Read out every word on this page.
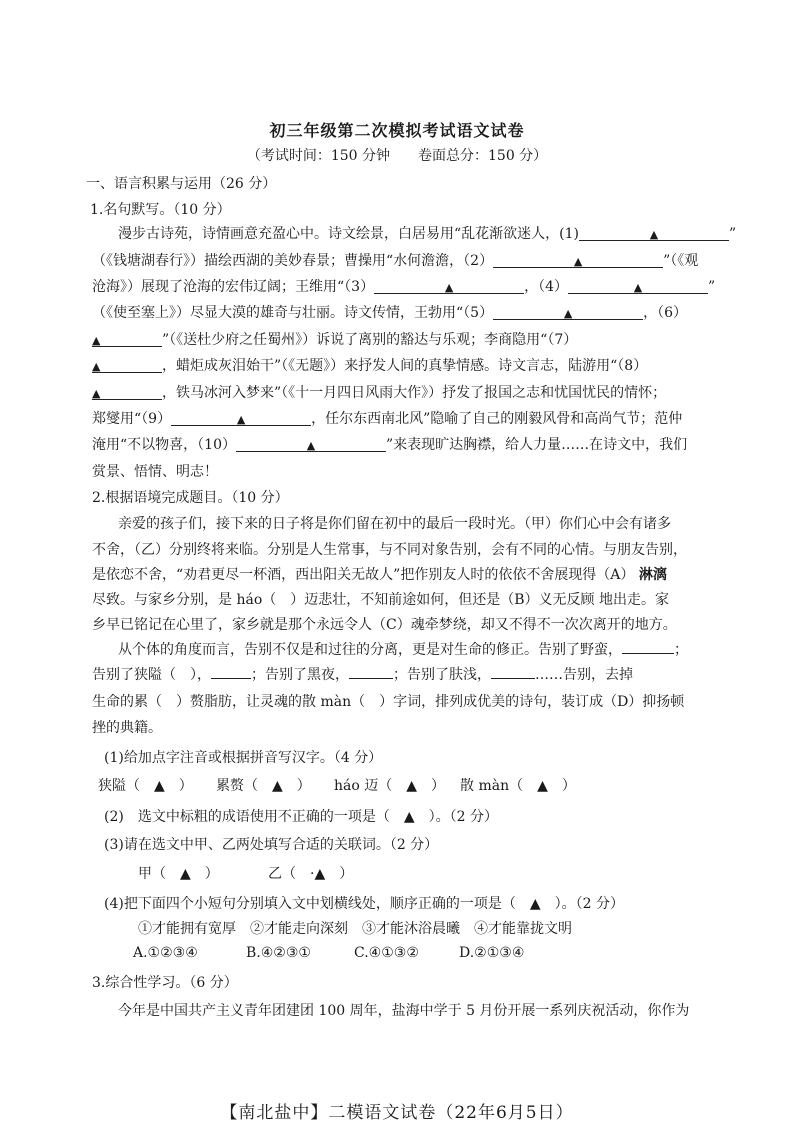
初三年级第二次模拟考试语文试卷
（考试时间：150 分钟　　卷面总分：150 分）
一、语言积累与运用（26 分）
1.名句默写。（10 分）
漫步古诗苑，诗情画意充盈心中。诗文绘景，白居易用“乱花渐欲迷人，(1)	▲	”
（《钱塘湖春行》）描绘西湖的美妙春景；曹操用“水何澹澹，（2）	▲	”（《观
沧海》）展现了沧海的宏伟辽阔；王维用“（3）	▲	，（4）	▲	”
（《使至塞上》）尽显大漠的雄奇与壮丽。诗文传情，王勃用“（5）	▲	，（6）
▲	”（《送杜少府之任蜀州》）诉说了离别的豁达与乐观；李商隐用“（7）
▲	，蜡炬成灰泪始干”（《无题》）来抒发人间的真挚情感。诗文言志，陆游用“（8）
▲	，铁马冰河入梦来”（《十一月四日风雨大作》）抒发了报国之志和忧国忧民的情怀；
郑燮用“（9）	▲	，任尔东西南北风”隐喻了自己的刚毅风骨和高尚气节；范仲
淹用“不以物喜，（10）	▲	”来表现旷达胸襟，给人力量……在诗文中，我们
赏景、悟情、明志！
2.根据语境完成题目。（10 分）
亲爱的孩子们，接下来的日子将是你们留在初中的最后一段时光。（甲）你们心中会有诸多
不舍，（乙）分别终将来临。分别是人生常事，与不同对象告别，会有不同的心情。与朋友告别，
是依恋不舍，“劝君更尽一杯酒，西出阳关无故人”把作别友人时的依依不舍展现得（A） 淋漓
尽致。与家乡分别，是 háo（　）迈悲壮，不知前途如何，但还是（B）义无反顾 地出走。家
乡早已铭记在心里了，家乡就是那个永远令人（C）魂牵梦绕，却又不得不一次次离开的地方。
从个体的角度而言，告别不仅是和过往的分离，更是对生命的修正。告别了野蛮，	；
告别了狭隘（　），	；告别了黑夜，	；告别了肤浅，	……告别，去掉
生命的累（　）赘脂肪，让灵魂的散 màn（　）字词，排列成优美的诗句，装订成（D）抑扬顿
挫的典籍。
(1)给加点字注音或根据拼音写汉字。（4 分）
狭隘（　▲　） 累赘（　▲　） háo 迈（　▲　） 散 màn（　▲　）
(2)　选文中标粗的成语使用不正确的一项是（　▲　）。（2 分）
(3)请在选文中甲、乙两处填写合适的关联词。（2 分）
甲（　▲　）	乙（　·▲　）
(4)把下面四个小短句分别填入文中划横线处，顺序正确的一项是（　▲　）。（2 分）
①才能拥有宽厚　②才能走向深刻　③才能沐浴晨曦　④才能靠拢文明
A.①②③④	B.④②③①	C.④①③②	D.②①③④
3.综合性学习。（6 分）
今年是中国共产主义青年团建团 100 周年，盐海中学于 5 月份开展一系列庆祝活动，你作为
【南北盐中】二模语文试卷（22年6月5日）
